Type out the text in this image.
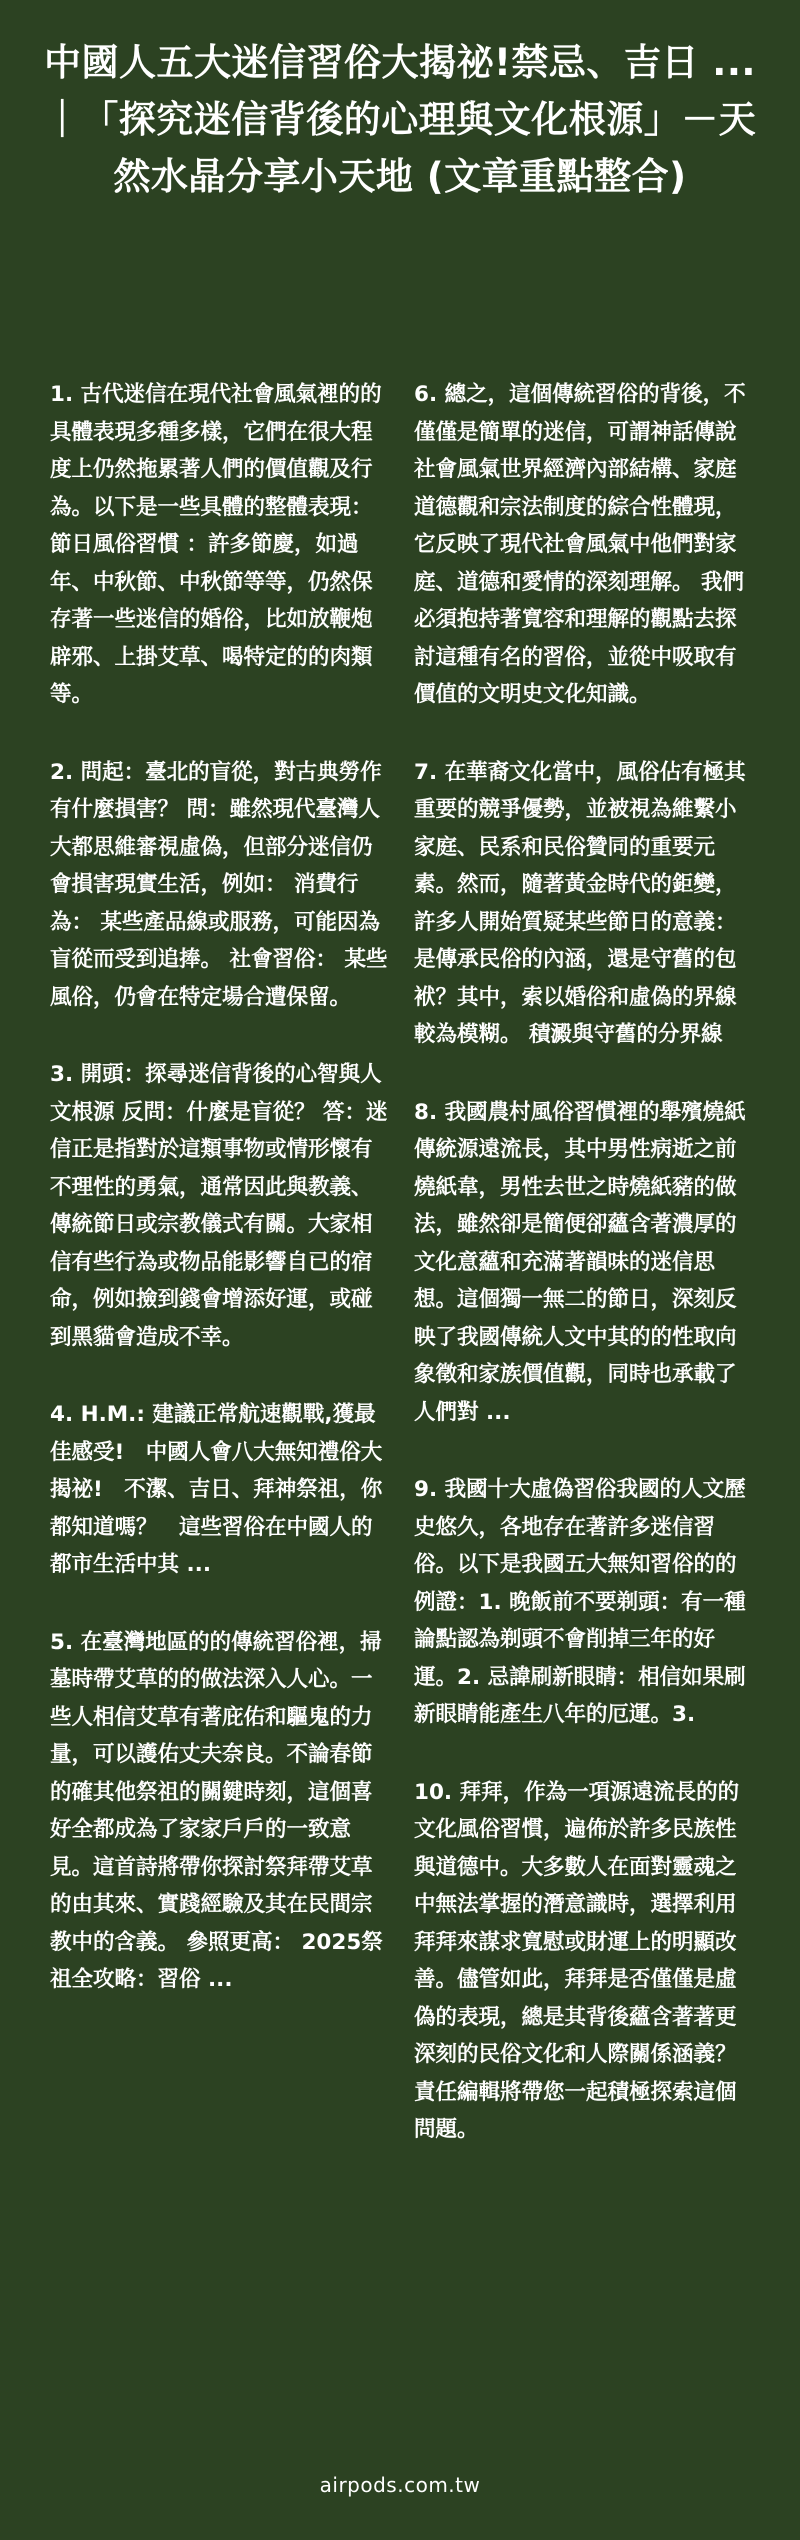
中國人五大迷信習俗大揭祕!禁忌、吉日 ...｜「探究迷信背後的心理與文化根源」－天然水晶分享小天地 (文章重點整合)

1. 古代迷信在現代社會風氣裡的的具體表現多種多樣，它們在很大程度上仍然拖累著人們的價值觀及行為。以下是一些具體的整體表現： 節日風俗習慣 ：許多節慶，如過年、中秋節、中秋節等等，仍然保存著一些迷信的婚俗，比如放鞭炮辟邪、上掛艾草、喝特定的的肉類等。

2. 問起：臺北的盲從，對古典勞作有什麼損害？ 問：雖然現代臺灣人大都思維審視虛偽，但部分迷信仍會損害現實生活，例如： 消費行為： 某些產品線或服務，可能因為盲從而受到追捧。 社會習俗： 某些風俗，仍會在特定場合遭保留。

3. 開頭：探尋迷信背後的心智與人文根源 反問：什麼是盲從？ 答：迷信正是指對於這類事物或情形懷有不理性的勇氣，通常因此與教義、傳統節日或宗教儀式有關。大家相信有些行為或物品能影響自已的宿命，例如撿到錢會增添好運，或碰到黑貓會造成不幸。

4. H.M.: 建議正常航速觀戰,獲最佳感受!　中國人會八大無知禮俗大揭祕!　不潔、吉日、拜神祭祖，你都知道嗎？　這些習俗在中國人的都市生活中其 ...

5. 在臺灣地區的的傳統習俗裡，掃墓時帶艾草的的做法深入人心。一些人相信艾草有著庇佑和驅鬼的力量，可以護佑丈夫奈良。不論春節的確其他祭祖的關鍵時刻，這個喜好全都成為了家家戶戶的一致意見。這首詩將帶你探討祭拜帶艾草的由其來、實踐經驗及其在民間宗教中的含義。 參照更高： 2025祭祖全攻略：習俗 ...

6. 總之，這個傳統習俗的背後，不僅僅是簡單的迷信，可謂神話傳說社會風氣世界經濟內部結構、家庭道德觀和宗法制度的綜合性體現，它反映了現代社會風氣中他們對家庭、道德和愛情的深刻理解。 我們必須抱持著寬容和理解的觀點去探討這種有名的習俗，並從中吸取有價值的文明史文化知識。

7. 在華裔文化當中，風俗佔有極其重要的競爭優勢，並被視為維繫小家庭、民系和民俗贊同的重要元素。然而，隨著黃金時代的鉅變，許多人開始質疑某些節日的意義：是傳承民俗的內涵，還是守舊的包袱？其中，索以婚俗和虛偽的界線較為模糊。 積澱與守舊的分界線

8. 我國農村風俗習慣裡的舉殯燒紙傳統源遠流長，其中男性病逝之前燒紙韋，男性去世之時燒紙豬的做法，雖然卻是簡便卻蘊含著濃厚的文化意蘊和充滿著韻味的迷信思想。這個獨一無二的節日，深刻反映了我國傳統人文中其的的性取向象徵和家族價值觀，同時也承載了人們對 ...

9. 我國十大虛偽習俗我國的人文歷史悠久，各地存在著許多迷信習俗。以下是我國五大無知習俗的的例證：1. 晚飯前不要剃頭：有一種論點認為剃頭不會削掉三年的好運。2. 忌諱刷新眼睛：相信如果刷新眼睛能產生八年的厄運。3.

10. 拜拜，作為一項源遠流長的的文化風俗習慣，遍佈於許多民族性與道德中。大多數人在面對靈魂之中無法掌握的潛意識時，選擇利用拜拜來謀求寬慰或財運上的明顯改善。儘管如此，拜拜是否僅僅是虛偽的表現，總是其背後蘊含著著更深刻的民俗文化和人際關係涵義？責任編輯將帶您一起積極探索這個問題。

airpods.com.tw
